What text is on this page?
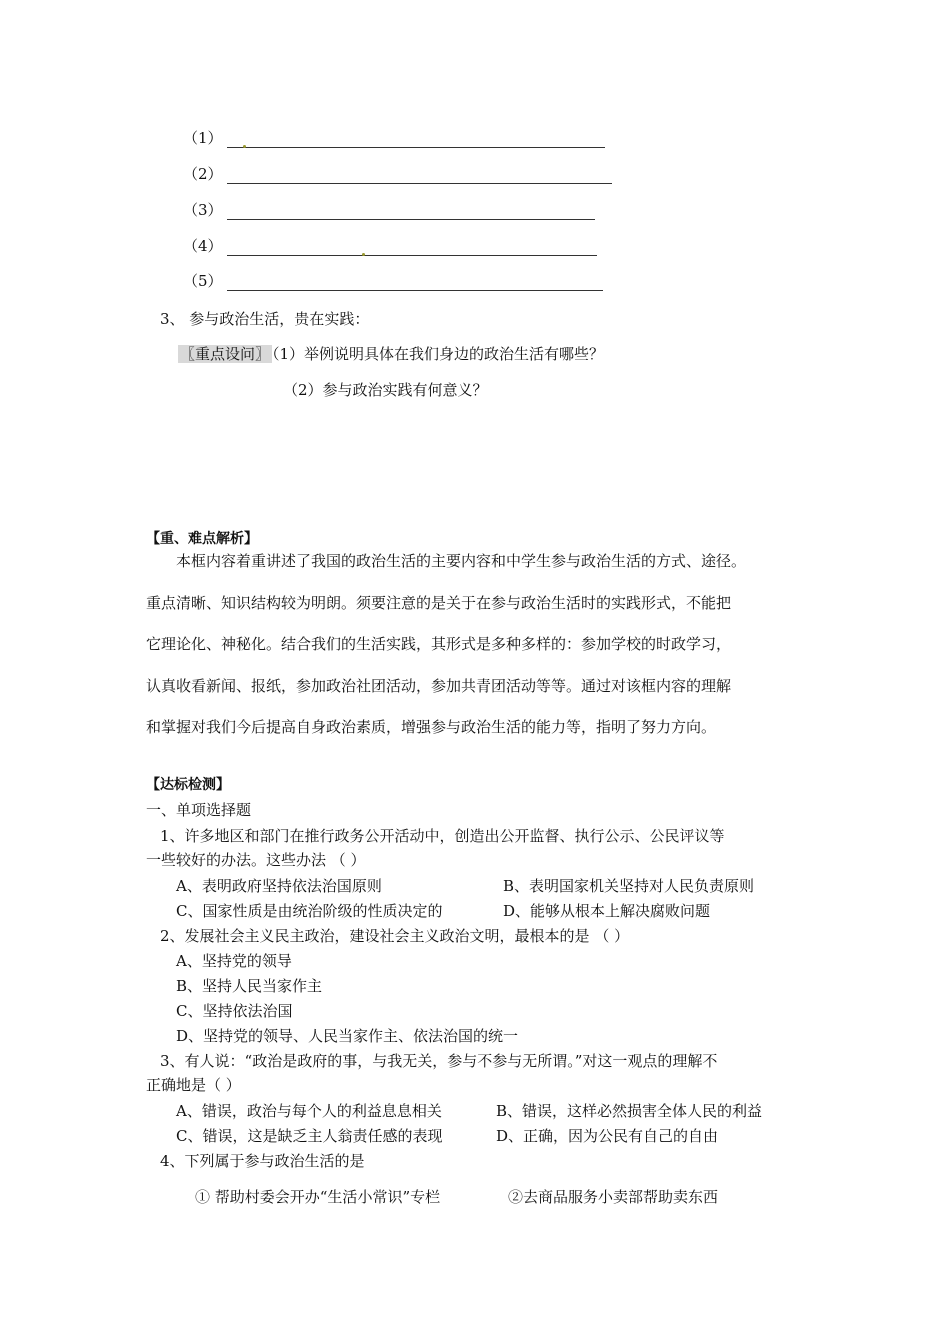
（1）
（2）
（3）
（4）
（5）
3、 参与政治生活，贵在实践：
〖重点设问〗 （1）举例说明具体在我们身边的政治生活有哪些？
（2）参与政治实践有何意义？
【重、难点解析】
本框内容着重讲述了我国的政治生活的主要内容和中学生参与政治生活的方式、途径。
重点清晰、知识结构较为明朗。须要注意的是关于在参与政治生活时的实践形式，不能把
它理论化、神秘化。结合我们的生活实践，其形式是多种多样的：参加学校的时政学习，
认真收看新闻、报纸，参加政治社团活动，参加共青团活动等等。通过对该框内容的理解
和掌握对我们今后提高自身政治素质，增强参与政治生活的能力等，指明了努力方向。
【达标检测】
一、单项选择题
1、许多地区和部门在推行政务公开活动中，创造出公开监督、执行公示、公民评议等
一些较好的办法。这些办法 （ ）
A、表明政府坚持依法治国原则	B、表明国家机关坚持对人民负责原则
C、国家性质是由统治阶级的性质决定的	D、能够从根本上解决腐败问题
2、发展社会主义民主政治，建设社会主义政治文明，最根本的是 （ ）
A、坚持党的领导
B、坚持人民当家作主
C、坚持依法治国
D、坚持党的领导、人民当家作主、依法治国的统一
3、有人说：“政治是政府的事，与我无关，参与不参与无所谓。”对这一观点的理解不
正确地是（ ）
A、错误，政治与每个人的利益息息相关	B、错误，这样必然损害全体人民的利益
C、错误，这是缺乏主人翁责任感的表现	D、正确，因为公民有自己的自由
4、下列属于参与政治生活的是
① 帮助村委会开办“生活小常识”专栏	②去商品服务小卖部帮助卖东西
